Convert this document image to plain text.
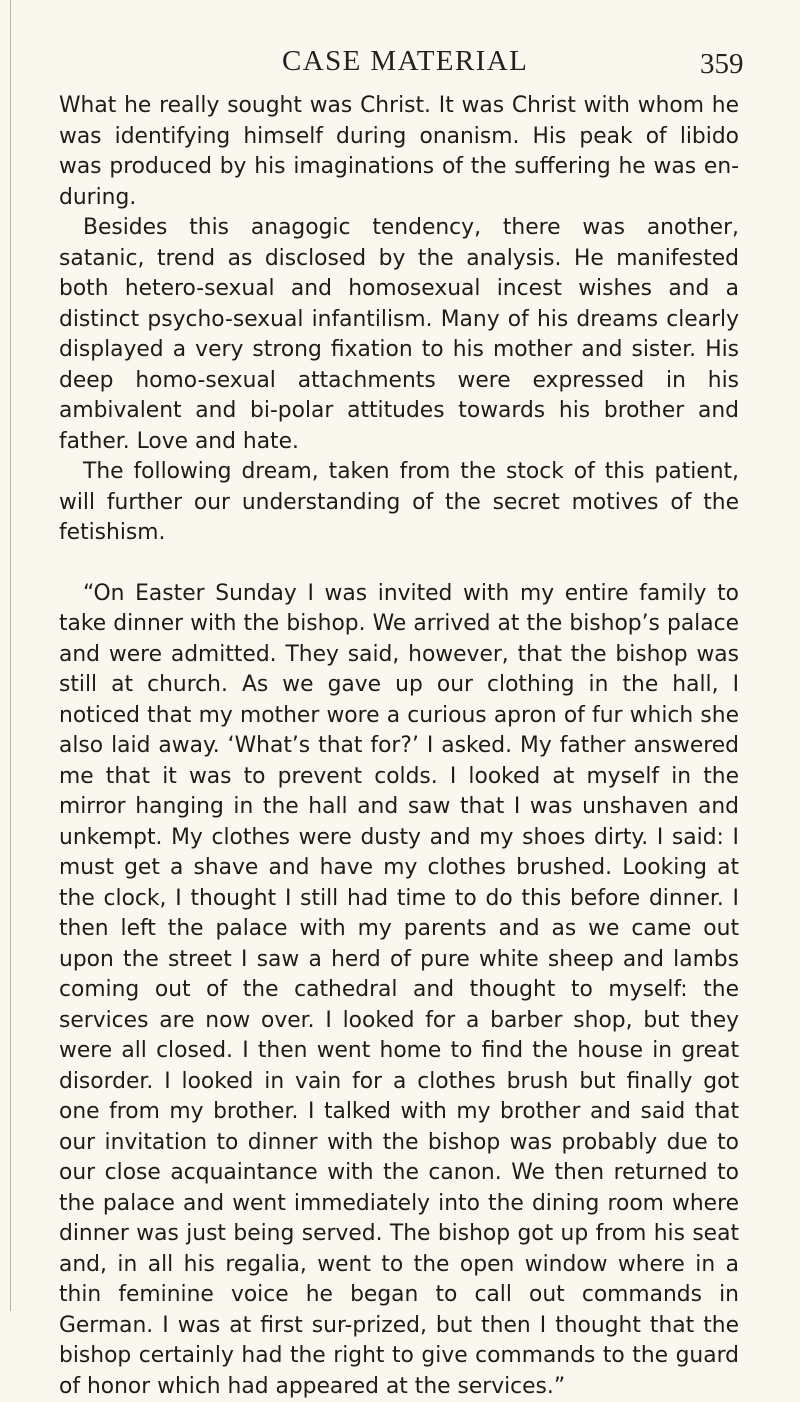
CASE MATERIAL	359

What he really sought was Christ. It was Christ with whom he was identifying himself during onanism. His peak of libido was produced by his imaginations of the suffering he was en-during.

Besides this anagogic tendency, there was another, satanic, trend as disclosed by the analysis. He manifested both hetero-sexual and homosexual incest wishes and a distinct psycho-sexual infantilism. Many of his dreams clearly displayed a very strong fixation to his mother and sister. His deep homo-sexual attachments were expressed in his ambivalent and bi-polar attitudes towards his brother and father. Love and hate.

The following dream, taken from the stock of this patient, will further our understanding of the secret motives of the fetishism.

“On Easter Sunday I was invited with my entire family to take dinner with the bishop. We arrived at the bishop’s palace and were admitted. They said, however, that the bishop was still at church. As we gave up our clothing in the hall, I noticed that my mother wore a curious apron of fur which she also laid away. ‘What’s that for?’ I asked. My father answered me that it was to prevent colds. I looked at myself in the mirror hanging in the hall and saw that I was unshaven and unkempt. My clothes were dusty and my shoes dirty. I said: I must get a shave and have my clothes brushed. Looking at the clock, I thought I still had time to do this before dinner. I then left the palace with my parents and as we came out upon the street I saw a herd of pure white sheep and lambs coming out of the cathedral and thought to myself: the services are now over. I looked for a barber shop, but they were all closed. I then went home to find the house in great disorder. I looked in vain for a clothes brush but finally got one from my brother. I talked with my brother and said that our invitation to dinner with the bishop was probably due to our close acquaintance with the canon. We then returned to the palace and went immediately into the dining room where dinner was just being served. The bishop got up from his seat and, in all his regalia, went to the open window where in a thin feminine voice he began to call out commands in German. I was at first sur-prized, but then I thought that the bishop certainly had the right to give commands to the guard of honor which had appeared at the services.”
